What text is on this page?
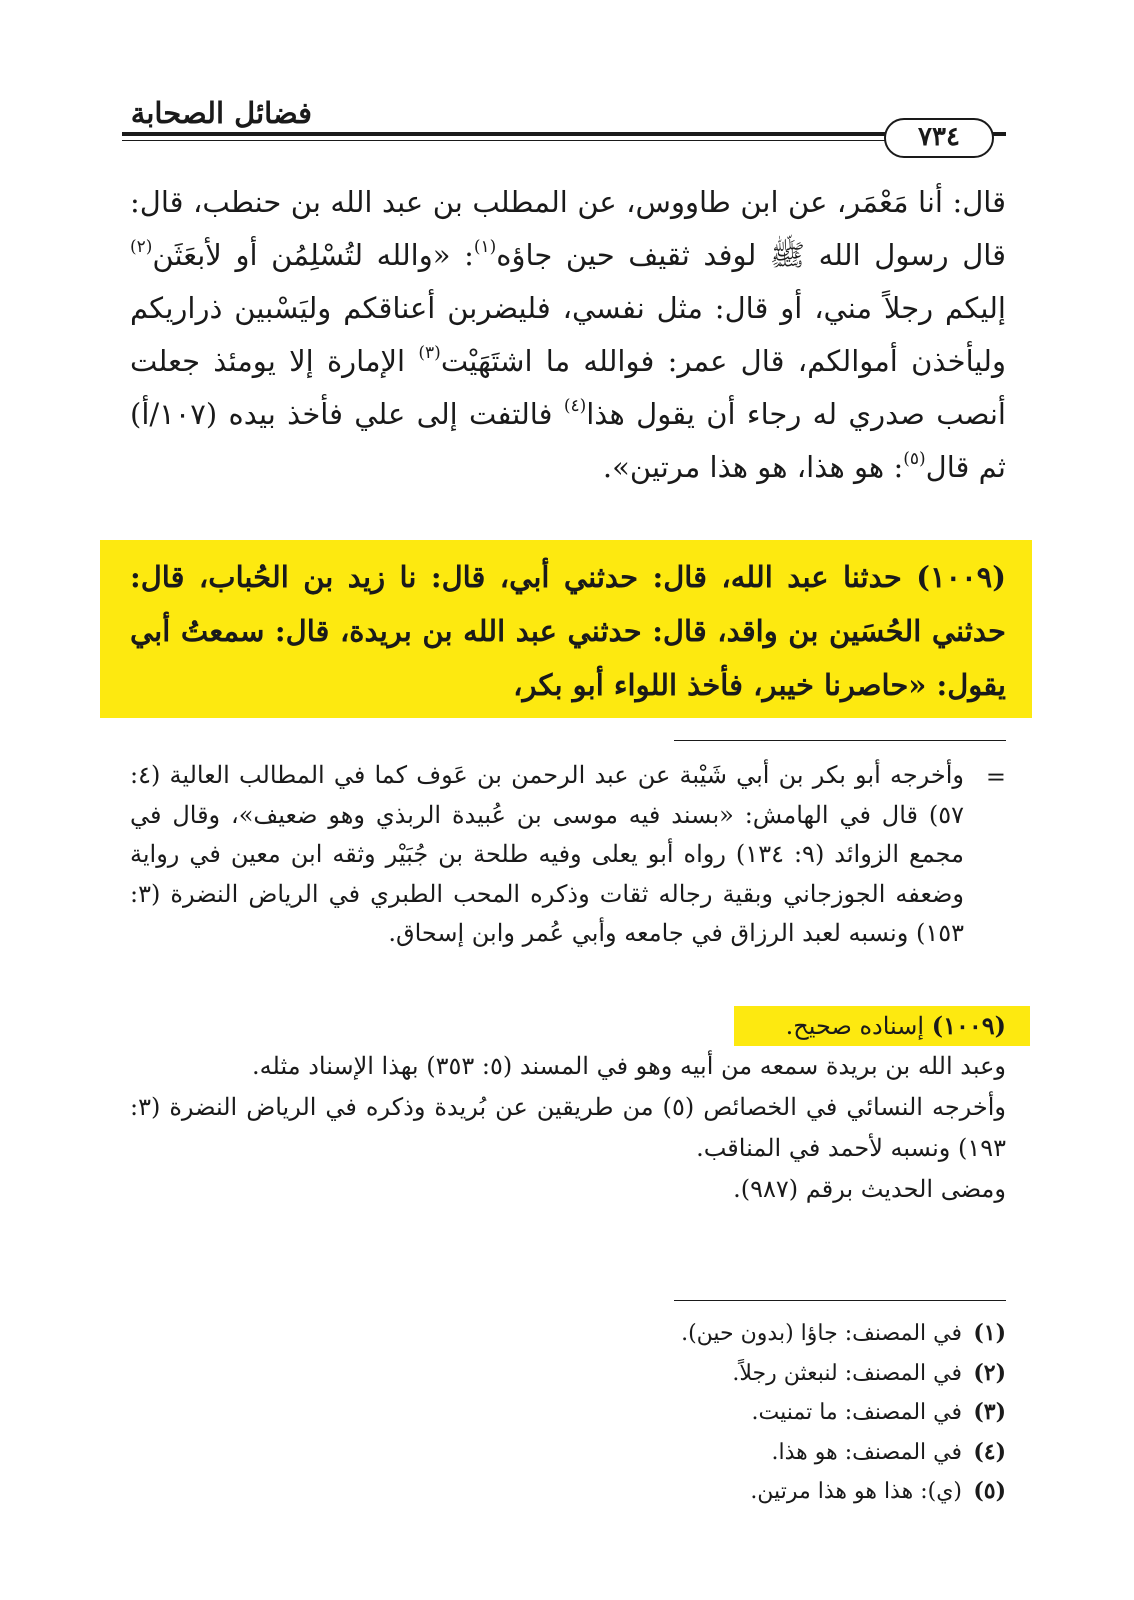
فضائل الصحابة
٧٣٤

قال: أنا مَعْمَر، عن ابن طاووس، عن المطلب بن عبد الله بن حنطب، قال: قال رسول الله ﷺ لوفد ثقيف حين جاؤه$^{(١)}$: «والله لتُسْلِمُن أو لأبعَثَن$^{(٢)}$ إليكم رجلاً مني، أو قال: مثل نفسي، فليضربن أعناقكم وليَسْبين ذراريكم وليأخذن أموالكم، قال عمر: فوالله ما اشتَهَيْت$^{(٣)}$ الإمارة إلا يومئذ جعلت أنصب صدري له رجاء أن يقول هذا$^{(٤)}$ فالتفت إلى علي فأخذ بيده (١٠٧/أ) ثم قال$^{(٥)}$: هو هذا، هو هذا مرتين».

(١٠٠٩) حدثنا عبد الله، قال: حدثني أبي، قال: نا زيد بن الحُباب، قال: حدثني الحُسَين بن واقد، قال: حدثني عبد الله بن بريدة، قال: سمعتُ أبي يقول: «حاصرنا خيبر، فأخذ اللواء أبو بكر،

=

وأخرجه أبو بكر بن أبي شَيْبة عن عبد الرحمن بن عَوف كما في المطالب العالية (٤: ٥٧) قال في الهامش: «بسند فيه موسى بن عُبيدة الربذي وهو ضعيف»، وقال في مجمع الزوائد (٩: ١٣٤) رواه أبو يعلى وفيه طلحة بن جُبَيْر وثقه ابن معين في رواية وضعفه الجوزجاني وبقية رجاله ثقات وذكره المحب الطبري في الرياض النضرة (٣: ١٥٣) ونسبه لعبد الرزاق في جامعه وأبي عُمر وابن إسحاق.

(١٠٠٩) إسناده صحيح.

وعبد الله بن بريدة سمعه من أبيه وهو في المسند (٥: ٣٥٣) بهذا الإسناد مثله.

وأخرجه النسائي في الخصائص (٥) من طريقين عن بُريدة وذكره في الرياض النضرة (٣: ١٩٣) ونسبه لأحمد في المناقب.

ومضى الحديث برقم (٩٨٧).

(١)
في المصنف: جاؤا (بدون حين).
(٢)
في المصنف: لنبعثن رجلاً.
(٣)
في المصنف: ما تمنيت.
(٤)
في المصنف: هو هذا.
(٥)
(ي): هذا هو هذا مرتين.
